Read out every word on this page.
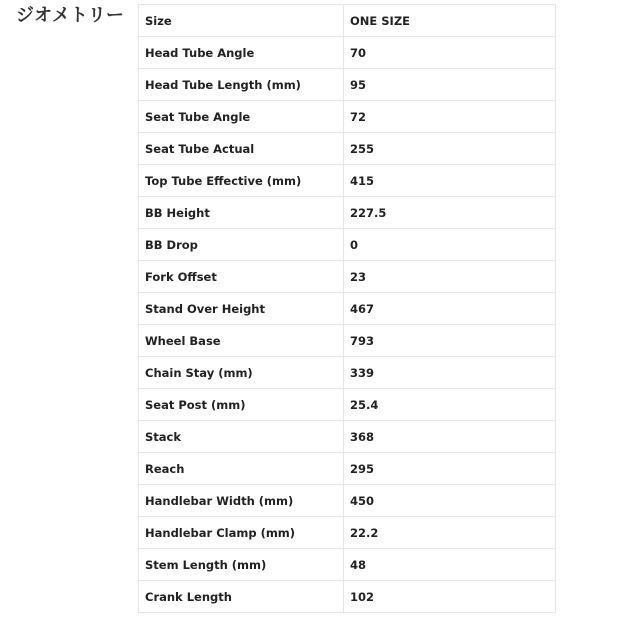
ジオメトリー Size	ONE SIZE
Head Tube Angle	70
Head Tube Length (mm)	95
Seat Tube Angle	72
Seat Tube Actual	255
Top Tube Effective (mm)	415
BB Height	227.5
BB Drop	0
Fork Offset	23
Stand Over Height	467
Wheel Base	793
Chain Stay (mm)	339
Seat Post (mm)	25.4
Stack	368
Reach	295
Handlebar Width (mm)	450
Handlebar Clamp (mm)	22.2
Stem Length (mm)	48
Crank Length	102
